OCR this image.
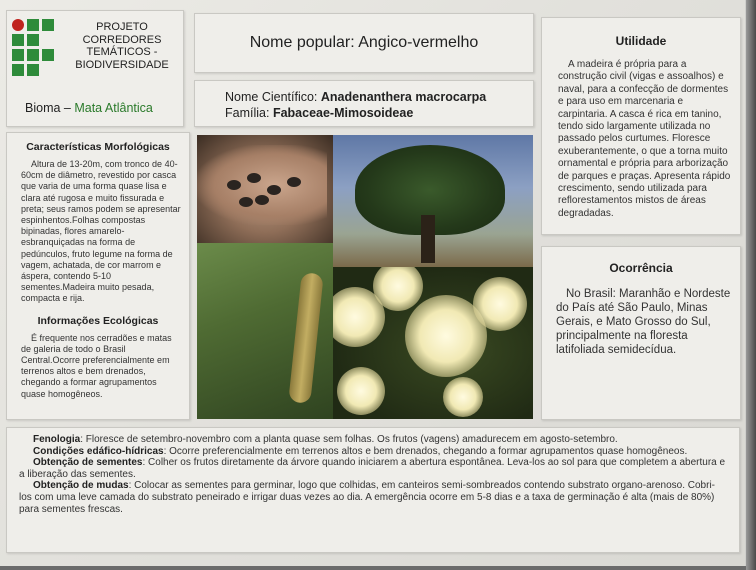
PROJETO
CORREDORES
TEMÁTICOS -
BIODIVERSIDADE
Bioma – Mata Atlântica
Nome popular: Angico-vermelho
Nome Científico: Anadenanthera macrocarpa
Família: Fabaceae-Mimosoideae
Utilidade

A madeira é própria para a construção civil (vigas e assoalhos) e naval, para a confecção de dormentes e para uso em marcenaria e carpintaria. A casca é rica em tanino, tendo sido largamente utilizada no passado pelos curtumes. Floresce exuberantemente, o que a torna muito ornamental e própria para arborização de parques e praças. Apresenta rápido crescimento, sendo utilizada para reflorestamentos mistos de áreas degradadas.

Ocorrência

No Brasil: Maranhão e Nordeste do País até São Paulo, Minas Gerais, e Mato Grosso do Sul, principalmente na floresta latifoliada semidecídua.

Características Morfológicas

Altura de 13-20m, com tronco de 40-60cm de diâmetro, revestido por casca que varia de uma forma quase lisa e clara até rugosa e muito fissurada e preta; seus ramos podem se apresentar espinhentos.Folhas compostas bipinadas, flores amarelo-esbranquiçadas na forma de pedúnculos, fruto legume na forma de vagem, achatada, de cor marrom e áspera, contendo 5-10 sementes.Madeira muito pesada, compacta e rija.

Informações Ecológicas

É frequente nos cerradões e matas de galeria de todo o Brasil Central.Ocorre preferencialmente em terrenos altos e bem drenados, chegando a formar agrupamentos quase homogêneos.

Fenologia: Floresce de setembro-novembro com a planta quase sem folhas. Os frutos (vagens) amadurecem em agosto-setembro.

Condições edáfico-hídricas: Ocorre preferencialmente em terrenos altos e bem drenados, chegando a formar agrupamentos quase homogêneos.

Obtenção de sementes: Colher os frutos diretamente da árvore quando iniciarem a abertura espontânea. Leva-los ao sol para que completem a abertura e a liberação das sementes.

Obtenção de mudas: Colocar as sementes para germinar, logo que colhidas, em canteiros semi-sombreados contendo substrato organo-arenoso. Cobri-los com uma leve camada do substrato peneirado e irrigar duas vezes ao dia. A emergência ocorre em 5-8 dias e a taxa de germinação é alta (mais de 80%) para sementes frescas.
